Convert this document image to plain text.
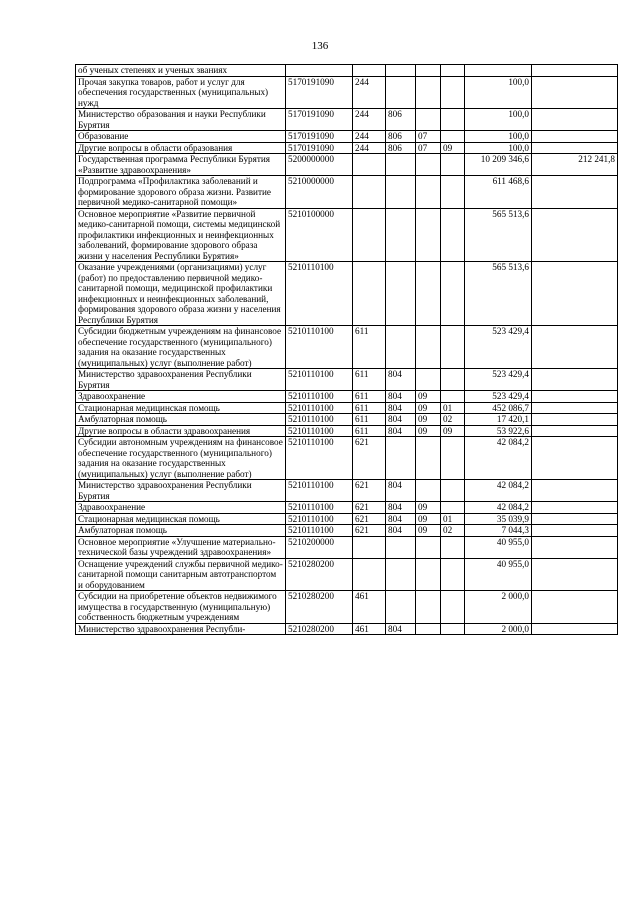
136
об ученых степенях и ученых званиях							
Прочая закупка товаров, работ и услуг для обеспечения государственных (муниципальных) нужд	5170191090	244				100,0	
Министерство образования и науки Республики Бурятия	5170191090	244	806			100,0	
Образование	5170191090	244	806	07		100,0	
Другие вопросы в области образования	5170191090	244	806	07	09	100,0	
Государственная программа Республики Бурятия «Развитие здравоохранения»	5200000000					10 209 346,6	212 241,8
Подпрограмма «Профилактика заболеваний и формирование здорового образа жизни. Развитие первичной медико-санитарной помощи»	5210000000					611 468,6	
Основное мероприятие «Развитие первичной медико-санитарной помощи, системы медицинской профилактики инфекционных и неинфекционных заболеваний, формирование здорового образа жизни у населения Республики Бурятия»	5210100000					565 513,6	
Оказание учреждениями (организациями) услуг (работ) по предоставлению первичной медико-санитарной помощи, медицинской профилактики инфекционных и неинфекционных заболеваний, формирования здорового образа жизни у населения Республики Бурятия	5210110100					565 513,6	
Субсидии бюджетным учреждениям на финансовое обеспечение государственного (муниципального) задания на оказание государственных (муниципальных) услуг (выполнение работ)	5210110100	611				523 429,4	
Министерство здравоохранения Республики Бурятия	5210110100	611	804			523 429,4	
Здравоохранение	5210110100	611	804	09		523 429,4	
Стационарная медицинская помощь	5210110100	611	804	09	01	452 086,7	
Амбулаторная помощь	5210110100	611	804	09	02	17 420,1	
Другие вопросы в области здравоохранения	5210110100	611	804	09	09	53 922,6	
Субсидии автономным учреждениям на финансовое обеспечение государственного (муниципального) задания на оказание государственных (муниципальных) услуг (выполнение работ)	5210110100	621				42 084,2	
Министерство здравоохранения Республики Бурятия	5210110100	621	804			42 084,2	
Здравоохранение	5210110100	621	804	09		42 084,2	
Стационарная медицинская помощь	5210110100	621	804	09	01	35 039,9	
Амбулаторная помощь	5210110100	621	804	09	02	7 044,3	
Основное мероприятие «Улучшение материально-технической базы учреждений здравоохранения»	5210200000					40 955,0	
Оснащение учреждений службы первичной медико-санитарной помощи санитарным автотранспортом и оборудованием	5210280200					40 955,0	
Субсидии на приобретение объектов недвижимого имущества в государственную (муниципальную) собственность бюджетным учреждениям	5210280200	461				2 000,0	
Министерство здравоохранения Республи-	5210280200	461	804			2 000,0	
